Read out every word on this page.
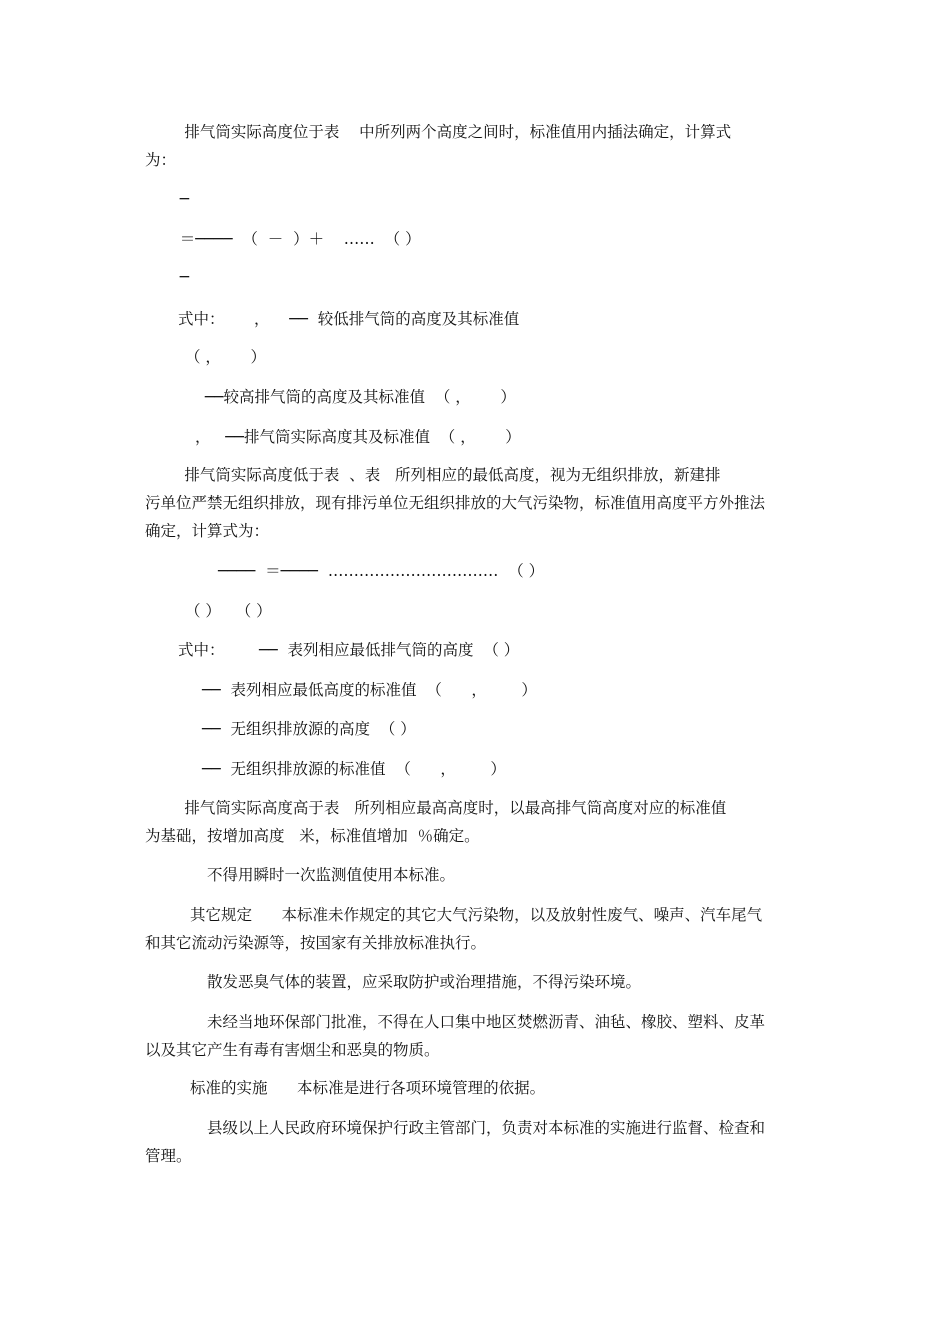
排气筒实际高度位于表    中所列两个高度之间时，标准值用内插法确定，计算式
为：
─
＝────  （  －  ）＋    ……  （ ）
─
式中：      ，    ──  较低排气筒的高度及其标准值
（ ，      ）
──较高排气筒的高度及其标准值  （ ，      ）
，   ──排气筒实际高度其及标准值  （ ，      ）
排气筒实际高度低于表  、表   所列相应的最低高度，视为无组织排放，新建排
污单位严禁无组织排放，现有排污单位无组织排放的大气污染物，标准值用高度平方外推法
确定，计算式为：
────  ＝────  ……………………………  （ ）
（ ）   （ ）
式中：       ──  表列相应最低排气筒的高度  （ ）
──  表列相应最低高度的标准值  （      ，       ）
──  无组织排放源的高度  （ ）
──  无组织排放源的标准值  （      ，       ）
排气筒实际高度高于表   所列相应最高高度时，以最高排气筒高度对应的标准值
为基础，按增加高度   米，标准值增加  ％确定。
不得用瞬时一次监测值使用本标准。
其它规定      本标准未作规定的其它大气污染物，以及放射性废气、噪声、汽车尾气
和其它流动污染源等，按国家有关排放标准执行。
散发恶臭气体的装置，应采取防护或治理措施，不得污染环境。
未经当地环保部门批准，不得在人口集中地区焚燃沥青、油毡、橡胶、塑料、皮革
以及其它产生有毒有害烟尘和恶臭的物质。
标准的实施      本标准是进行各项环境管理的依据。
县级以上人民政府环境保护行政主管部门，负责对本标准的实施进行监督、检查和
管理。
